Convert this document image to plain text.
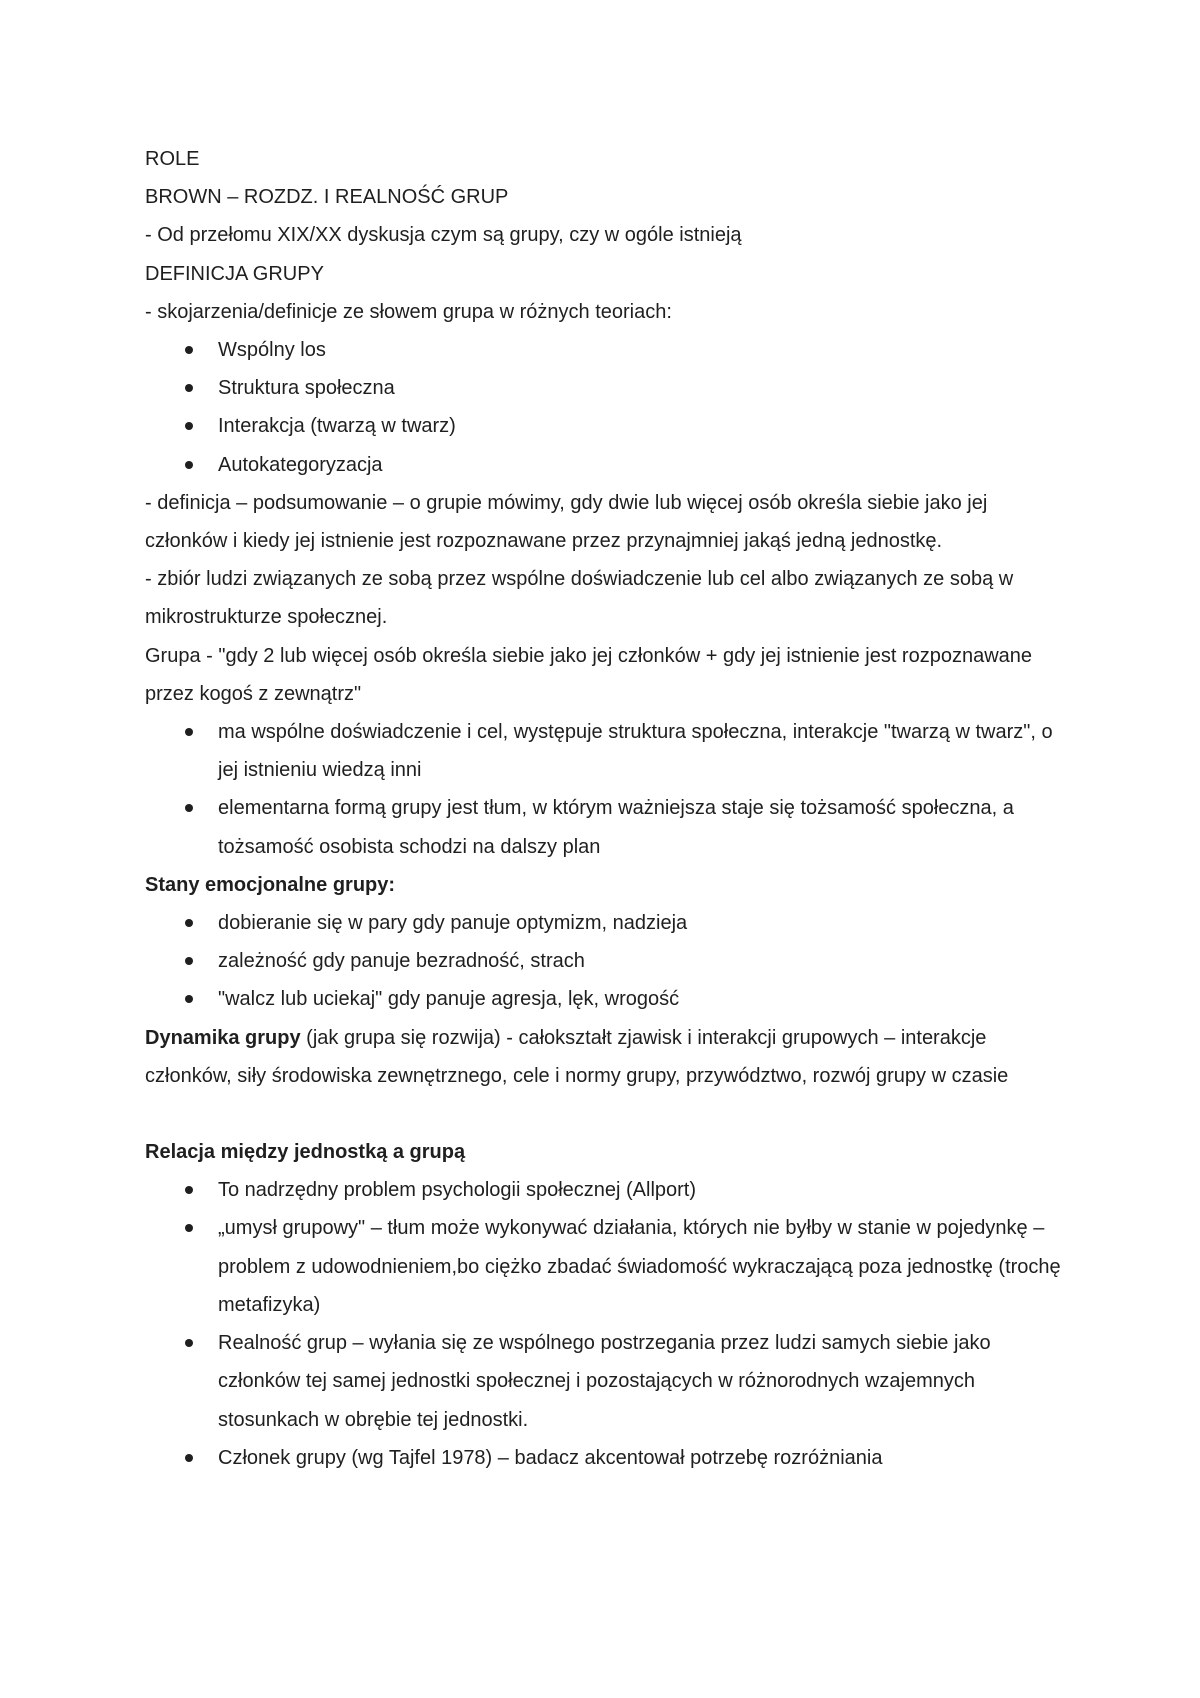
ROLE

BROWN – ROZDZ. I REALNOŚĆ GRUP

- Od przełomu XIX/XX dyskusja czym są grupy, czy w ogóle istnieją

DEFINICJA GRUPY

- skojarzenia/definicje ze słowem grupa w różnych teoriach:

Wspólny los
Struktura społeczna
Interakcja (twarzą w twarz)
Autokategoryzacja

- definicja – podsumowanie – o grupie mówimy, gdy dwie lub więcej osób określa siebie jako jej członków i kiedy jej istnienie jest rozpoznawane przez przynajmniej jakąś jedną jednostkę.

- zbiór ludzi związanych ze sobą przez wspólne doświadczenie lub cel albo związanych ze sobą w mikrostrukturze społecznej.

Grupa - "gdy 2 lub więcej osób określa siebie jako jej członków + gdy jej istnienie jest rozpoznawane przez kogoś z zewnątrz"

ma wspólne doświadczenie i cel, występuje struktura społeczna, interakcje "twarzą w twarz", o jej istnieniu wiedzą inni
elementarna formą grupy jest tłum, w którym ważniejsza staje się tożsamość społeczna, a tożsamość osobista schodzi na dalszy plan

Stany emocjonalne grupy:

dobieranie się w pary gdy panuje optymizm, nadzieja
zależność gdy panuje bezradność, strach
"walcz lub uciekaj" gdy panuje agresja, lęk, wrogość

Dynamika grupy (jak grupa się rozwija) - całokształt zjawisk i interakcji grupowych – interakcje członków, siły środowiska zewnętrznego, cele i normy grupy, przywództwo, rozwój grupy w czasie

Relacja między jednostką a grupą

To nadrzędny problem psychologii społecznej (Allport)
„umysł grupowy" – tłum może wykonywać działania, których nie byłby w stanie w pojedynkę – problem z udowodnieniem,bo ciężko zbadać świadomość wykraczającą poza jednostkę (trochę metafizyka)
Realność grup – wyłania się ze wspólnego postrzegania przez ludzi samych siebie jako członków tej samej jednostki społecznej i pozostających w różnorodnych wzajemnych stosunkach w obrębie tej jednostki.
Członek grupy (wg Tajfel 1978) – badacz akcentował potrzebę rozróżniania
